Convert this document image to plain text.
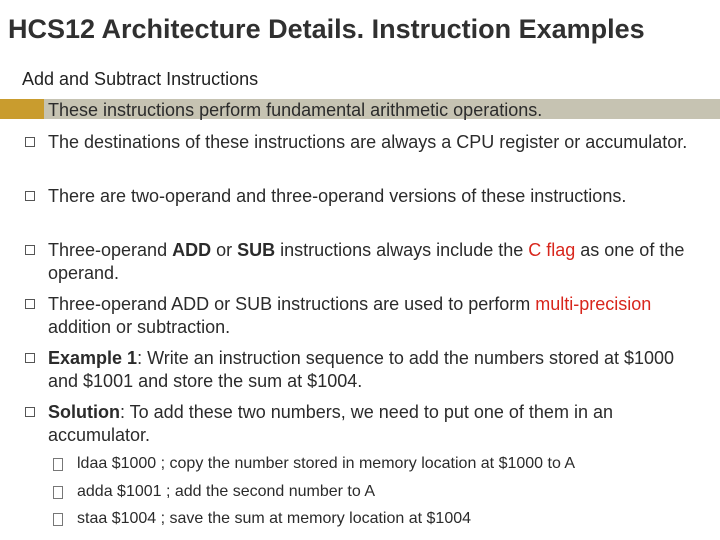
HCS12 Architecture Details. Instruction Examples
Add and Subtract Instructions
These instructions perform fundamental arithmetic operations.
The destinations of these instructions are always a CPU register or accumulator.
There are two-operand and three-operand versions of these instructions.
Three-operand ADD or SUB instructions always include the C flag as one of the operand.
Three-operand ADD or SUB instructions are used to perform multi-precision addition or subtraction.
Example 1: Write an instruction sequence to add the numbers stored at $1000 and $1001 and store the sum at $1004.
Solution: To add these two numbers, we need to put one of them in an accumulator.
ldaa $1000 ; copy the number stored in memory location at $1000 to A
adda $1001 ; add the second number to A
staa $1004 ; save the sum at memory location at $1004
